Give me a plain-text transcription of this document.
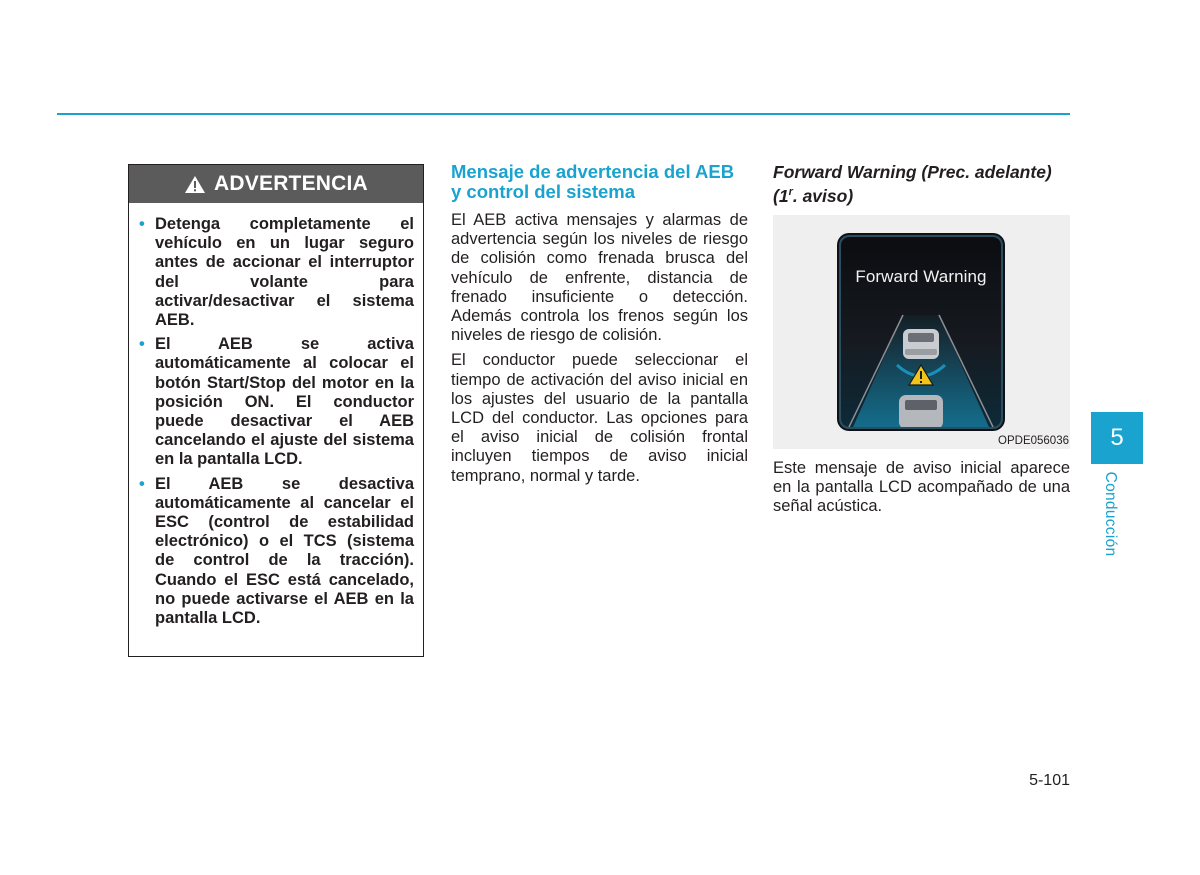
ADVERTENCIA
• Detenga completamente el vehículo en un lugar seguro antes de accionar el interruptor del volante para activar/desactivar el sistema AEB.
• El AEB se activa automáticamente al colocar el botón Start/Stop del motor en la posición ON. El conductor puede desactivar el AEB cancelando el ajuste del sistema en la pantalla LCD.
• El AEB se desactiva automáticamente al cancelar el ESC (control de estabilidad electrónico) o el TCS (sistema de control de la tracción). Cuando el ESC está cancelado, no puede activarse el AEB en la pantalla LCD.
Mensaje de advertencia del AEB y control del sistema

El AEB activa mensajes y alarmas de advertencia según los niveles de riesgo de colisión como frenada brusca del vehículo de enfrente, distancia de frenado insuficiente o detección. Además controla los frenos según los niveles de riesgo de colisión.

El conductor puede seleccionar el tiempo de activación del aviso inicial en los ajustes del usuario de la pantalla LCD del conductor. Las opciones para el aviso inicial de colisión frontal incluyen tiempos de aviso inicial temprano, normal y tarde.

Forward Warning (Prec. adelante) (1$^r$. aviso)
Forward Warning
OPDE056036

Este mensaje de aviso inicial aparece en la pantalla LCD acompañado de una señal acústica.

5
Conducción
5-101
